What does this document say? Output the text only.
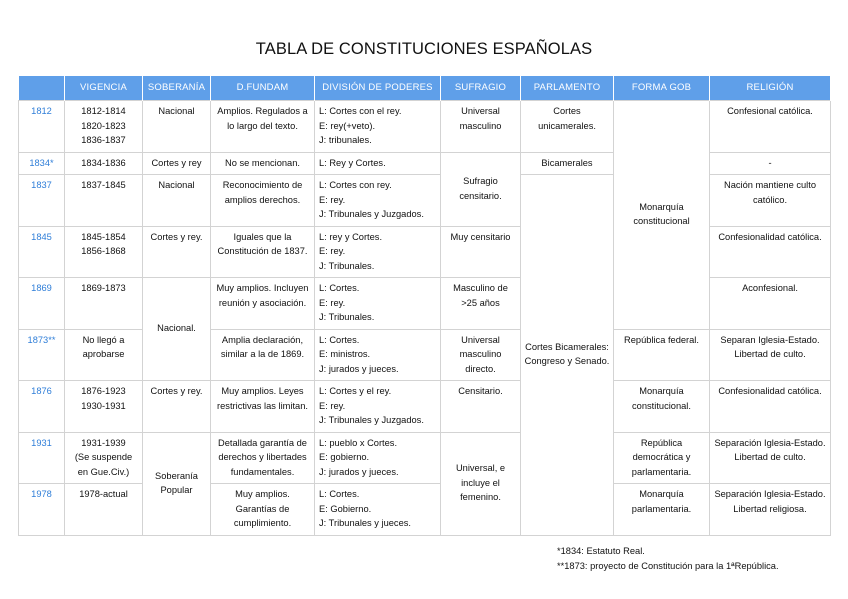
TABLA DE CONSTITUCIONES ESPAÑOLAS
	VIGENCIA	SOBERANÍA	D.FUNDAM	DIVISIÓN DE PODERES	SUFRAGIO	PARLAMENTO	FORMA GOB	RELIGIÓN
1812	1812-1814
1820-1823
1836-1837	Nacional	Amplios. Regulados a lo largo del texto.	L: Cortes con el rey.
E: rey(+veto).
J: tribunales.	Universal masculino	Cortes unicamerales.	Monarquía constitucional	Confesional católica.
1834*	1834-1836	Cortes y rey	No se mencionan.	L: Rey y Cortes.	Sufragio censitario.	Bicamerales		-
1837	1837-1845	Nacional	Reconocimiento de amplios derechos.	L: Cortes con rey.
E: rey.
J: Tribunales y Juzgados.		Cortes Bicamerales: Congreso y Senado.		Nación mantiene culto católico.
1845	1845-1854
1856-1868	Cortes y rey.	Iguales que la Constitución de 1837.	L: rey y Cortes.
E: rey.
J: Tribunales.	Muy censitario			Confesionalidad católica.
1869	1869-1873	Nacional.	Muy amplios. Incluyen reunión y asociación.	L: Cortes.
E: rey.
J: Tribunales.	Masculino de >25 años			Aconfesional.
1873**	No llegó a aprobarse		Amplia declaración, similar a la de 1869.	L: Cortes.
E: ministros.
J: jurados y jueces.	Universal masculino directo.		República federal.	Separan Iglesia-Estado. Libertad de culto.
1876	1876-1923
1930-1931	Cortes y rey.	Muy amplios. Leyes restrictivas las limitan.	L: Cortes y el rey.
E: rey.
J: Tribunales y Juzgados.	Censitario.		Monarquía constitucional.	Confesionalidad católica.
1931	1931-1939
(Se suspende
en Gue.Civ.)	Soberanía Popular	Detallada garantía de derechos y libertades fundamentales.	L: pueblo x Cortes.
E: gobierno.
J: jurados y jueces.	Universal, e incluye el femenino.		República democrática y parlamentaria.	Separación Iglesia-Estado. Libertad de culto.
1978	1978-actual		Muy amplios. Garantías de cumplimiento.	L: Cortes.
E: Gobierno.
J: Tribunales y jueces.			Monarquía parlamentaria.	Separación Iglesia-Estado. Libertad religiosa.
*1834: Estatuto Real.
**1873: proyecto de Constitución para la 1ªRepública.
